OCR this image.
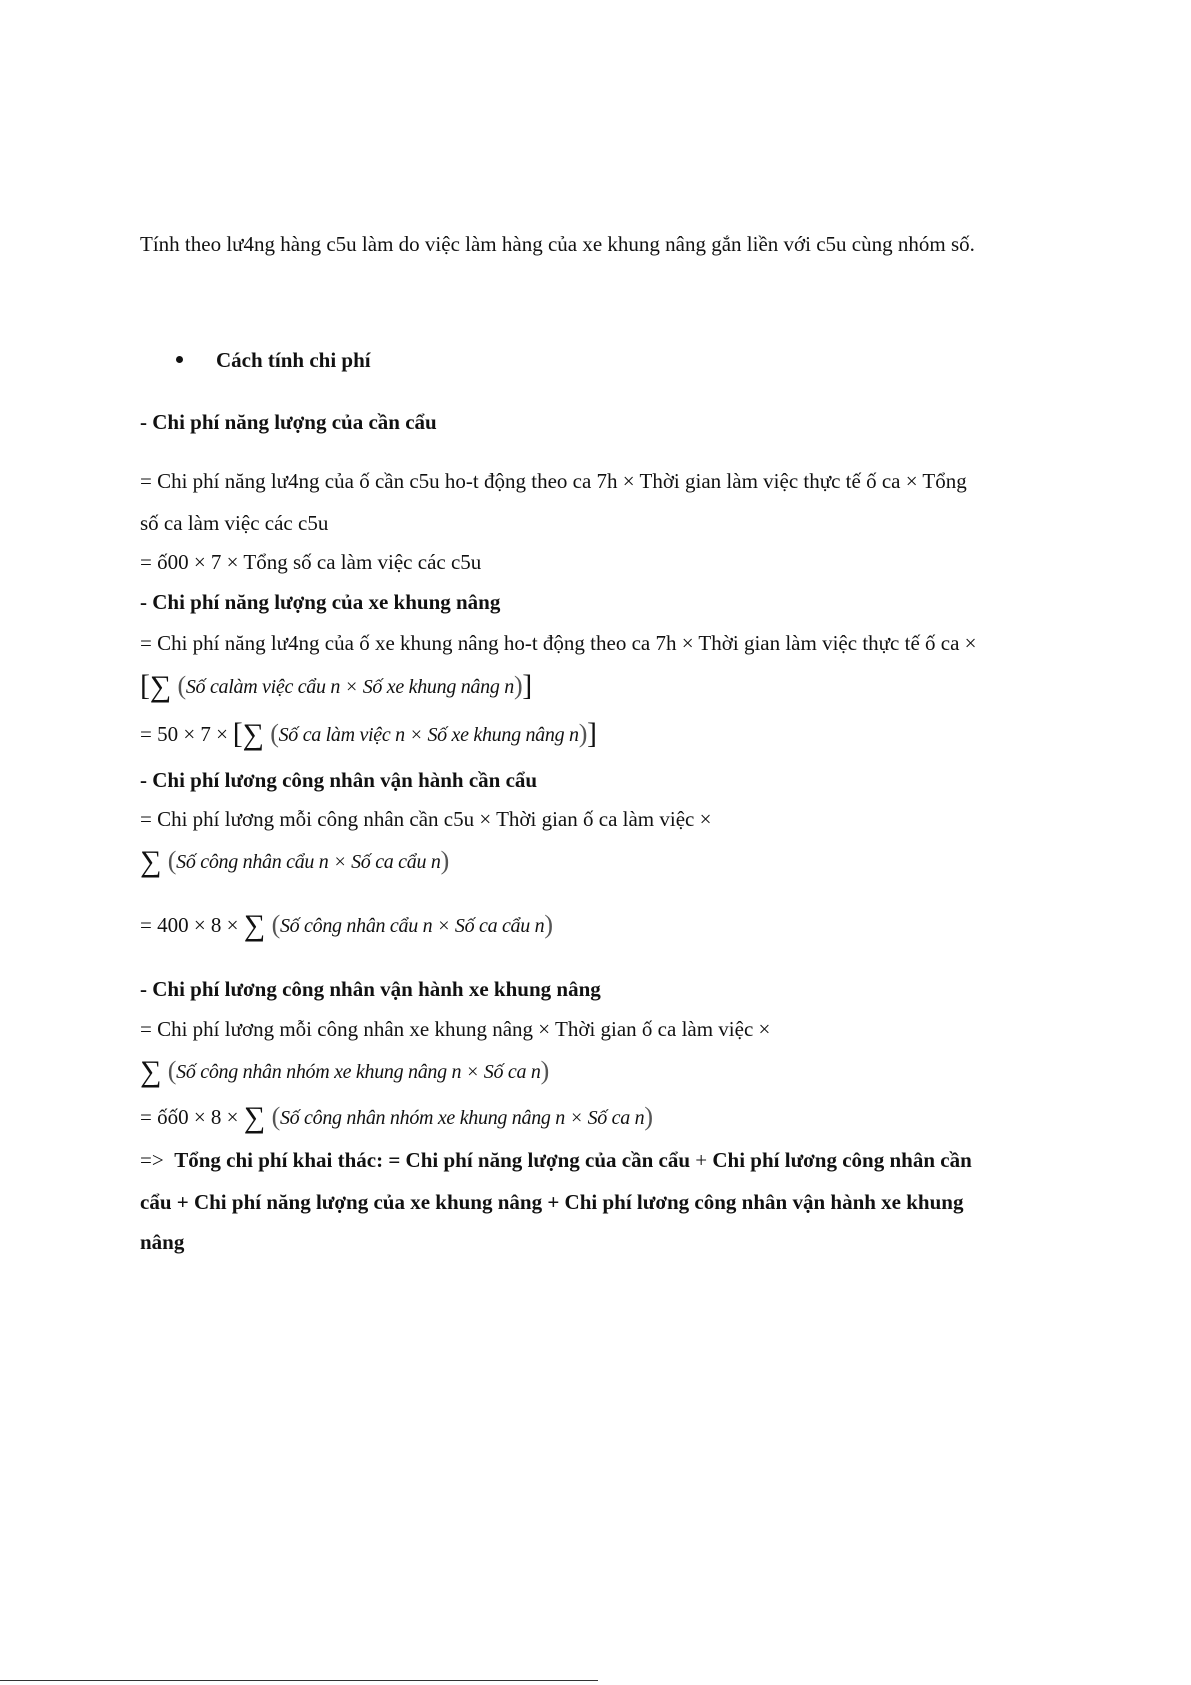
Tính theo lư4ng hàng c5u làm do việc làm hàng của xe khung nâng gắn liền với c5u cùng nhóm số.
Cách tính chi phí
- Chi phí năng lượng của cần cẩu
= Chi phí năng lư4ng của ố cần c5u ho-t động theo ca 7h × Thời gian làm việc thực tế ố ca × Tổng
số ca làm việc các c5u
= ố00 × 7 × Tổng số ca làm việc các c5u
- Chi phí năng lượng của xe khung nâng
= Chi phí năng lư4ng của ố xe khung nâng ho-t động theo ca 7h × Thời gian làm việc thực tế ố ca ×
[∑ (Số calàm việc cẩu n × Số xe khung nâng n)]
= 50 × 7 × [∑ (Số ca làm việc n × Số xe khung nâng n)]
- Chi phí lương công nhân vận hành cần cẩu
= Chi phí lương mỗi công nhân cần c5u × Thời gian ố ca làm việc ×
∑ (Số công nhân cẩu n × Số ca cẩu n)
= 400 × 8 × ∑ (Số công nhân cẩu n × Số ca cẩu n)
- Chi phí lương công nhân vận hành xe khung nâng
= Chi phí lương mỗi công nhân xe khung nâng × Thời gian ố ca làm việc ×
∑ (Số công nhân nhóm xe khung nâng n × Số ca n)
= ốố0 × 8 × ∑ (Số công nhân nhóm xe khung nâng n × Số ca n)
=> Tổng chi phí khai thác: = Chi phí năng lượng của cần cẩu + Chi phí lương công nhân cần
cẩu + Chi phí năng lượng của xe khung nâng + Chi phí lương công nhân vận hành xe khung
nâng
